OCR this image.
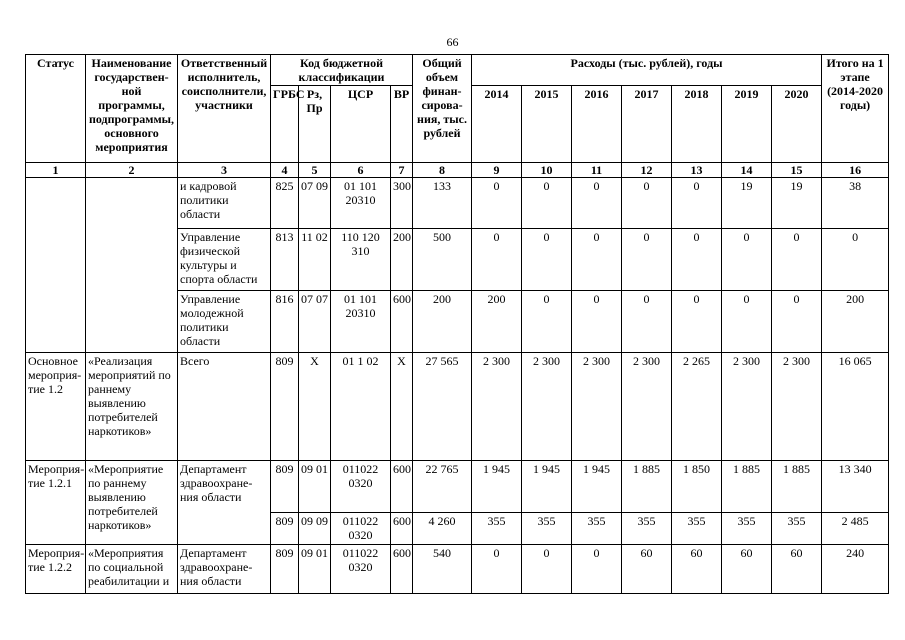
66
Статус	Наименование государствен-ной программы, подпрограммы, основного мероприятия	Ответственный исполнитель, соисполнители, участники	Код бюджетной классификации				Общий объем финан-сирова-ния, тыс. рублей	Расходы (тыс. рублей), годы							Итого на 1 этапе (2014-2020 годы)
			ГРБС	Рз, Пр	ЦСР	ВР		2014	2015	2016	2017	2018	2019	2020	
1	2	3	4	5	6	7	8	9	10	11	12	13	14	15	16
		и кадровой политики области	825	07 09	01 101 20310	300	133	0	0	0	0	0	19	19	38
		Управление физической культуры и спорта области	813	11 02	110 120 310	200	500	0	0	0	0	0	0	0	0
		Управление молодежной политики области	816	07 07	01 101 20310	600	200	200	0	0	0	0	0	0	200
Основное мероприя-тие 1.2	«Реализация мероприятий по раннему выявлению потребителей наркотиков»	Всего	809	Х	01 1 02	Х	27 565	2 300	2 300	2 300	2 300	2 265	2 300	2 300	16 065
Мероприя-тие 1.2.1	«Мероприятие по раннему выявлению потребителей наркотиков»	Департамент здравоохране-ния области	809	09 01	011022 0320	600	22 765	1 945	1 945	1 945	1 885	1 850	1 885	1 885	13 340
			809	09 09	011022 0320	600	4 260	355	355	355	355	355	355	355	2 485
Мероприя-тие 1.2.2	«Мероприятия по социальной реабилитации и	Департамент здравоохране-ния области	809	09 01	011022 0320	600	540	0	0	0	60	60	60	60	240
